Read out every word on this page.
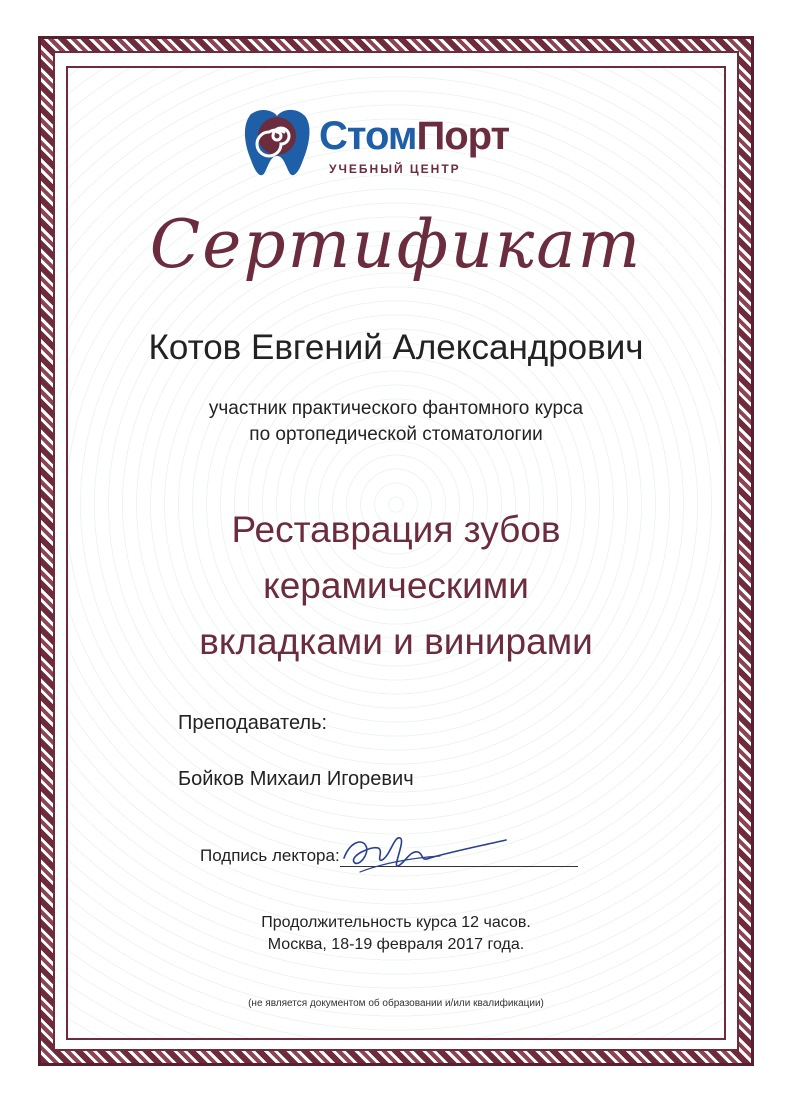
СтомПорт
УЧЕБНЫЙ ЦЕНТР
Сертификат
Котов Евгений Александрович
участник практического фантомного курса
по ортопедической стоматологии
Реставрация зубов
керамическими
вкладками и винирами
Преподаватель:
Бойков Михаил Игоревич
Подпись лектора:
Продолжительность курса 12 часов.
Москва, 18-19 февраля 2017 года.
(не является документом об образовании и/или квалификации)
